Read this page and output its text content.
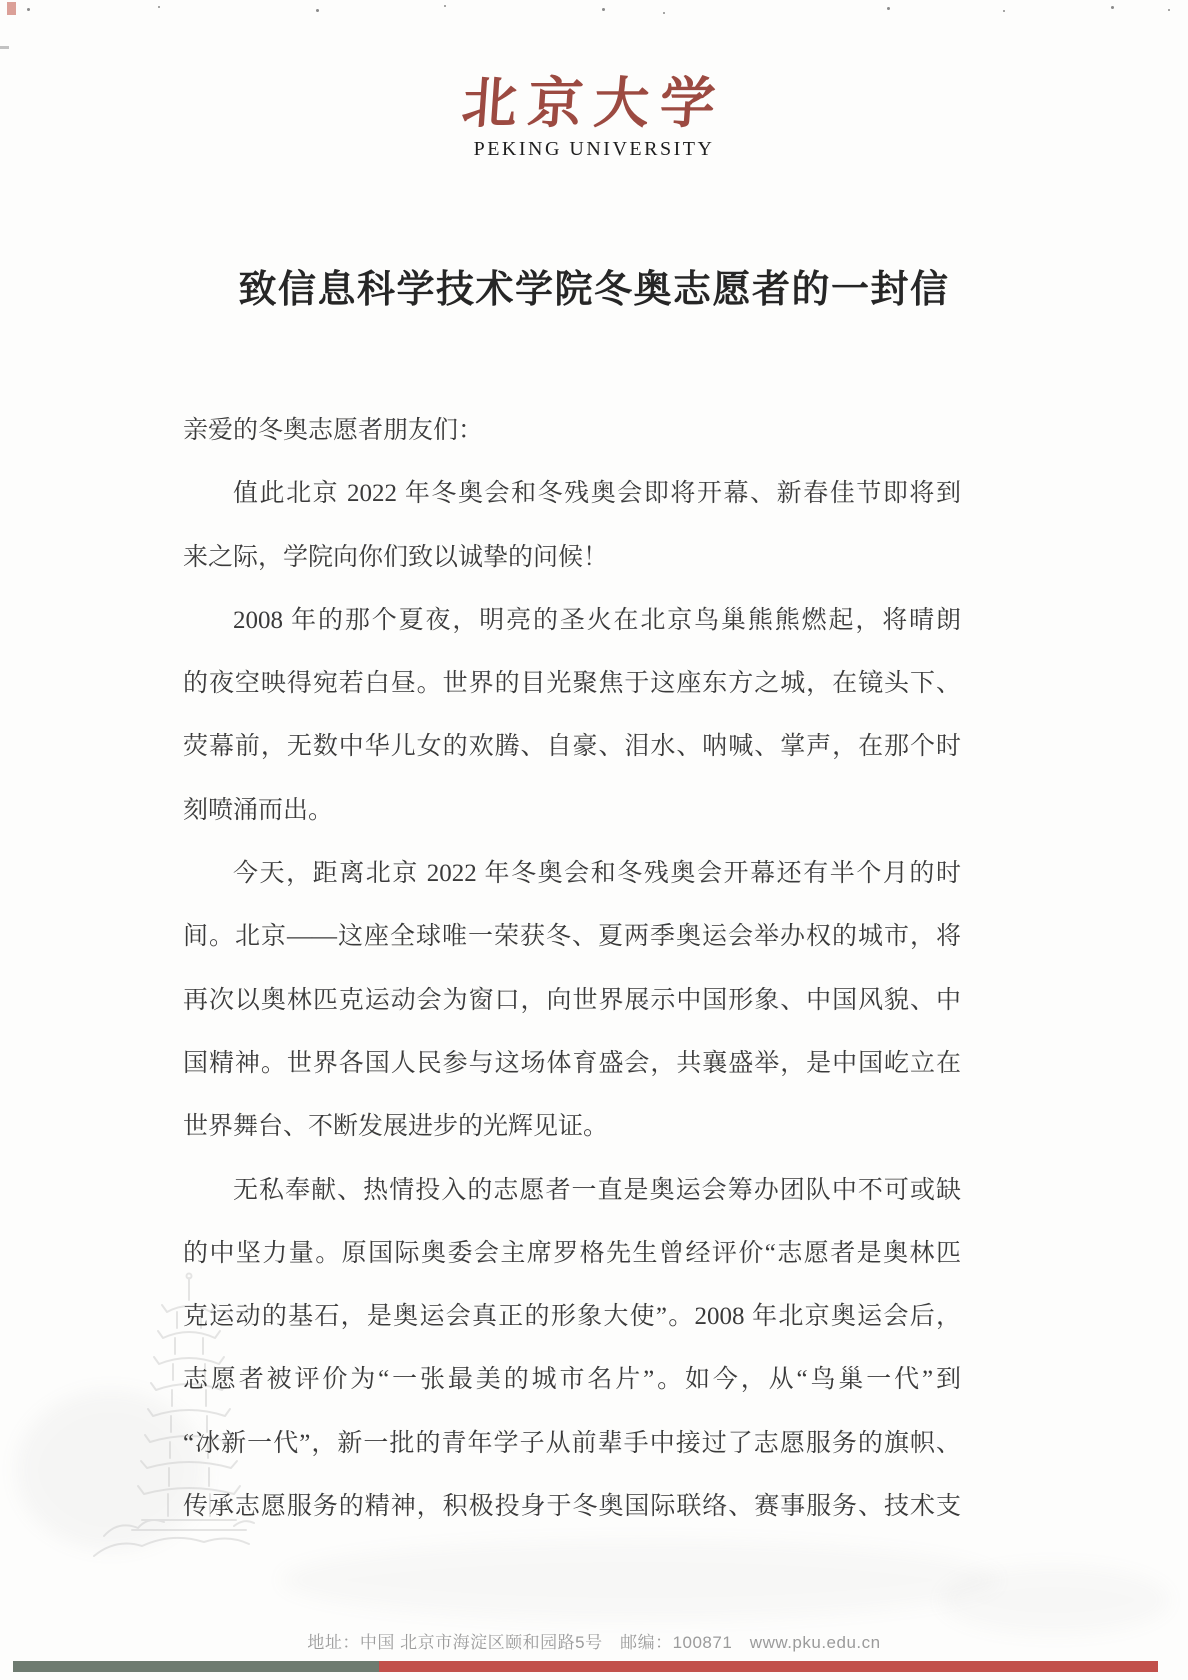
北京大学
PEKING UNIVERSITY
致信息科学技术学院冬奥志愿者的一封信
亲爱的冬奥志愿者朋友们：
值此北京 2022 年冬奥会和冬残奥会即将开幕、新春佳节即将到
来之际，学院向你们致以诚挚的问候！
2008 年的那个夏夜，明亮的圣火在北京鸟巢熊熊燃起，将晴朗
的夜空映得宛若白昼。世界的目光聚焦于这座东方之城，在镜头下、
荧幕前，无数中华儿女的欢腾、自豪、泪水、呐喊、掌声，在那个时
刻喷涌而出。
今天，距离北京 2022 年冬奥会和冬残奥会开幕还有半个月的时
间。北京——这座全球唯一荣获冬、夏两季奥运会举办权的城市，将
再次以奥林匹克运动会为窗口，向世界展示中国形象、中国风貌、中
国精神。世界各国人民参与这场体育盛会，共襄盛举，是中国屹立在
世界舞台、不断发展进步的光辉见证。
无私奉献、热情投入的志愿者一直是奥运会筹办团队中不可或缺
的中坚力量。原国际奥委会主席罗格先生曾经评价“志愿者是奥林匹
克运动的基石，是奥运会真正的形象大使”。2008 年北京奥运会后，
志愿者被评价为“一张最美的城市名片”。如今，从“鸟巢一代”到
“冰新一代”，新一批的青年学子从前辈手中接过了志愿服务的旗帜、
传承志愿服务的精神，积极投身于冬奥国际联络、赛事服务、技术支
地址：中国 北京市海淀区颐和园路5号　邮编：100871　www.pku.edu.cn
